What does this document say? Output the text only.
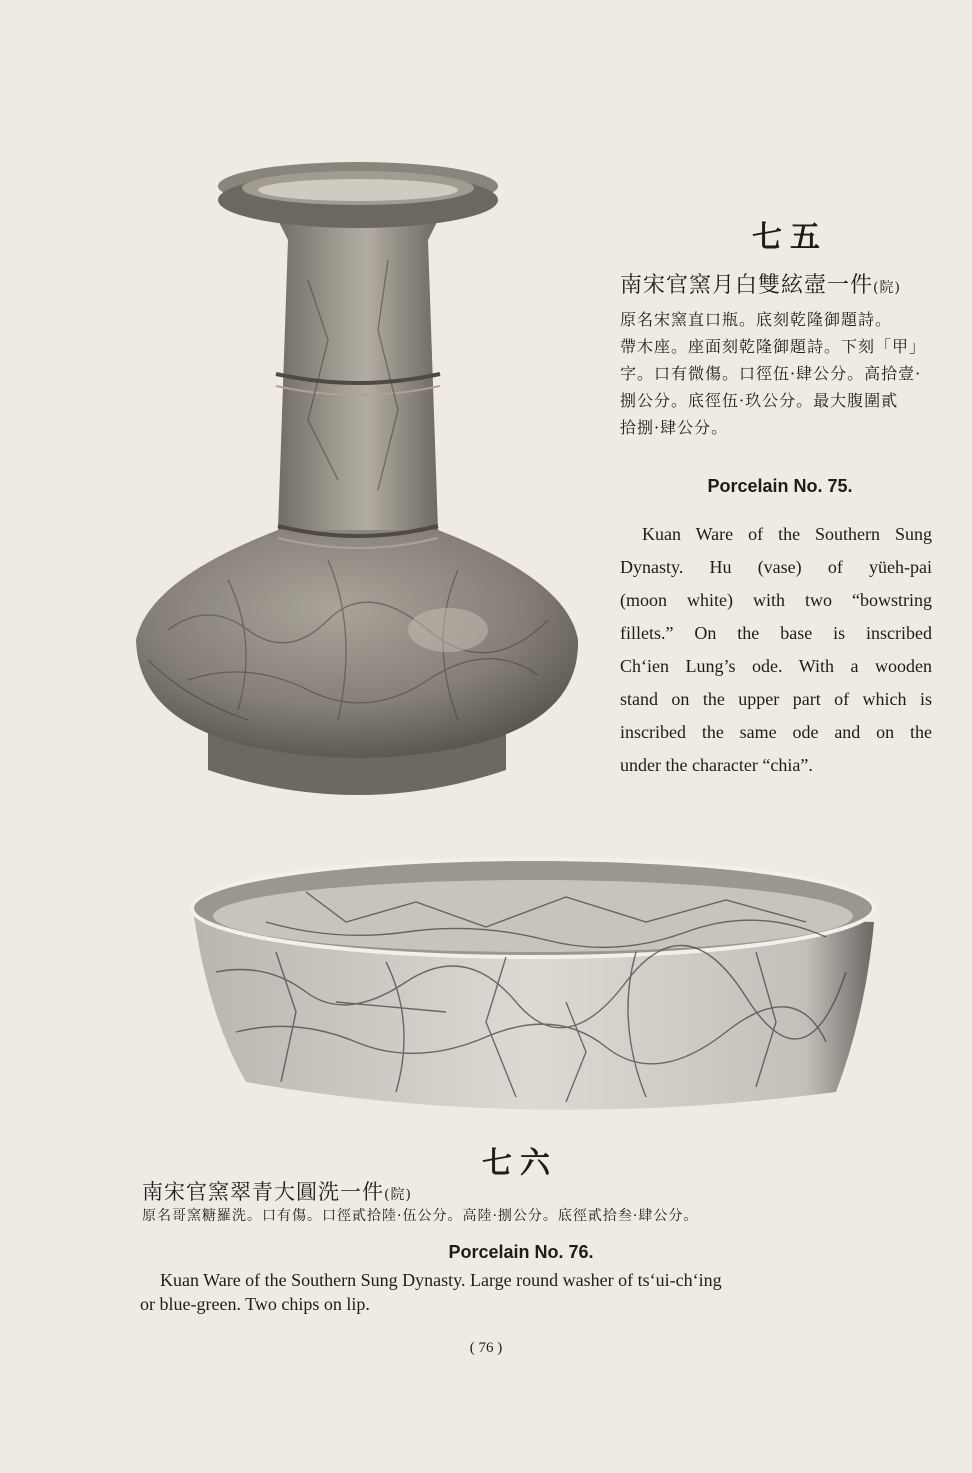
七五
南宋官窯月白雙絃壼一件(院)
原名宋窯直口瓶。底刻乾隆御題詩。
帶木座。座面刻乾隆御題詩。下刻「甲」
字。口有微傷。口徑伍·肆公分。高拾壹·
捌公分。底徑伍·玖公分。最大腹圍貳
拾捌·肆公分。
Porcelain No. 75.
Kuan Ware of the Southern Sung
Dynasty. Hu (vase) of yüeh-pai
(moon white) with two “bowstring
fillets.” On the base is inscribed
Ch‘ien Lung’s ode. With a wooden
stand on the upper part of which is
inscribed the same ode and on the
under the character “chia”.
七六
南宋官窯翠青大圓洗一件(院)
原名哥窯糖羅洗。口有傷。口徑貳拾陸·伍公分。高陸·捌公分。底徑貳拾叁·肆公分。
Porcelain No. 76.
Kuan Ware of the Southern Sung Dynasty. Large round washer of ts‘ui-ch‘ing
or blue-green. Two chips on lip.
( 76 )
